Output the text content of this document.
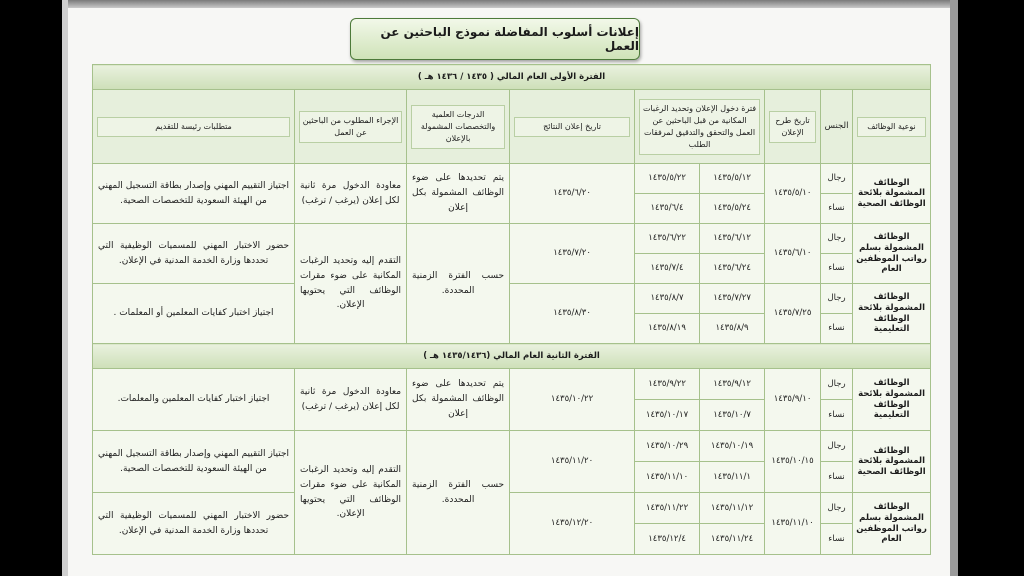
إعلانات أسلوب المفاضلة نموذج الباحثين عن العمل
الفترة الأولى العام المالي ( ١٤٣٥ / ١٤٣٦ هـ )								

نوعية الوظائف	الجنس	تاريخ طرح الإعلان	فترة دخول الإعلان وتحديد الرغبات المكانية من قبل الباحثين عن العمل والتحقق والتدقيق لمرفقات الطلب		تاريخ إعلان النتائج	الدرجات العلمية والتخصصات المشمولة بالإعلان	الإجراء المطلوب من الباحثين عن العمل	متطلبات رئيسة للتقديم

الوظائف المشمولة بلائحة الوظائف الصحية	رجال	١٤٣٥/٥/١٠	١٤٣٥/٥/١٢	١٤٣٥/٥/٢٢	١٤٣٥/٦/٢٠	يتم تحديدها على ضوء الوظائف المشمولة بكل إعلان	معاودة الدخول مرة ثانية لكل إعلان (يرغب / ترغب)	اجتياز التقييم المهني وإصدار بطاقة التسجيل المهني من الهيئة السعودية للتخصصات الصحية.
	نساء		١٤٣٥/٥/٢٤	١٤٣٥/٦/٤				
الوظائف المشمولة بسلم رواتب الموظفين العام	رجال	١٤٣٥/٦/١٠	١٤٣٥/٦/١٢	١٤٣٥/٦/٢٢	١٤٣٥/٧/٢٠	حسب الفترة الزمنية المحددة.	التقدم إليه وتحديد الرغبات المكانية على ضوء مقرات الوظائف التي يحتويها الإعلان.	حضور الاختبار المهني للمسميات الوظيفية التي تحددها وزارة الخدمة المدنية في الإعلان.
	نساء		١٤٣٥/٦/٢٤	١٤٣٥/٧/٤				
الوظائف المشمولة بلائحة الوظائف التعليمية	رجال	١٤٣٥/٧/٢٥	١٤٣٥/٧/٢٧	١٤٣٥/٨/٧	١٤٣٥/٨/٣٠			اجتياز اختبار كفايات المعلمين أو المعلمات .
	نساء		١٤٣٥/٨/٩	١٤٣٥/٨/١٩				
الفترة الثانية العام المالي (١٤٣٥/١٤٣٦ هـ )								
الوظائف المشمولة بلائحة الوظائف التعليمية	رجال	١٤٣٥/٩/١٠	١٤٣٥/٩/١٢	١٤٣٥/٩/٢٢	١٤٣٥/١٠/٢٢	يتم تحديدها على ضوء الوظائف المشمولة بكل إعلان	معاودة الدخول مرة ثانية لكل إعلان (يرغب / ترغب)	اجتياز اختبار كفايات المعلمين والمعلمات.
	نساء		١٤٣٥/١٠/٧	١٤٣٥/١٠/١٧				
الوظائف المشمولة بلائحة الوظائف الصحية	رجال	١٤٣٥/١٠/١٥	١٤٣٥/١٠/١٩	١٤٣٥/١٠/٢٩	١٤٣٥/١١/٢٠	حسب الفترة الزمنية المحددة.	التقدم إليه وتحديد الرغبات المكانية على ضوء مقرات الوظائف التي يحتويها الإعلان.	اجتياز التقييم المهني وإصدار بطاقة التسجيل المهني من الهيئة السعودية للتخصصات الصحية.
	نساء		١٤٣٥/١١/١	١٤٣٥/١١/١٠				
الوظائف المشمولة بسلم رواتب الموظفين العام	رجال	١٤٣٥/١١/١٠	١٤٣٥/١١/١٢	١٤٣٥/١١/٢٢	١٤٣٥/١٢/٢٠			حضور الاختبار المهني للمسميات الوظيفية التي تحددها وزارة الخدمة المدنية في الإعلان.
	نساء		١٤٣٥/١١/٢٤	١٤٣٥/١٢/٤				
